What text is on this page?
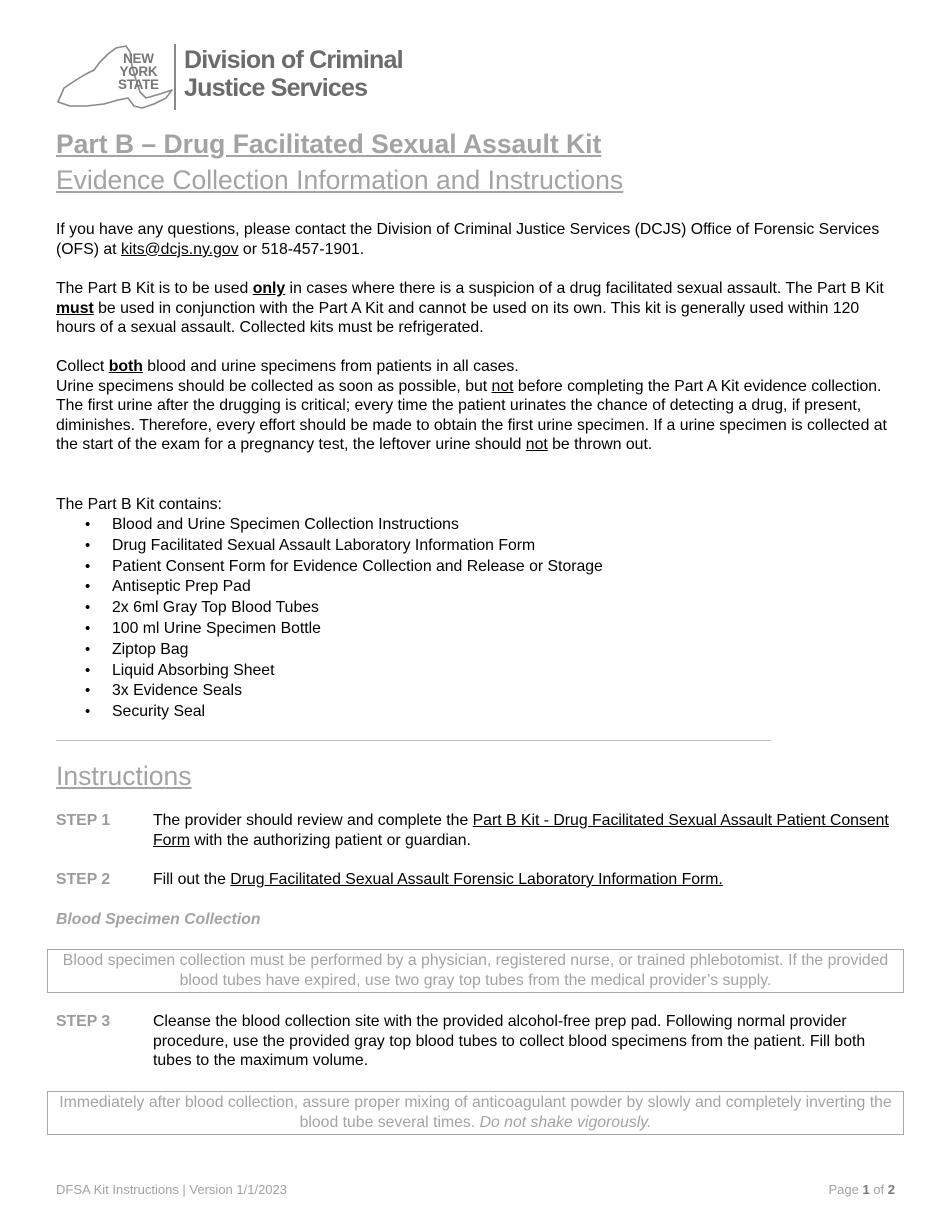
NEW
YORK
STATE
Division of Criminal
Justice Services
Part B – Drug Facilitated Sexual Assault Kit
Evidence Collection Information and Instructions
If you have any questions, please contact the Division of Criminal Justice Services (DCJS) Office of Forensic Services (OFS) at kits@dcjs.ny.gov or 518-457-1901.
The Part B Kit is to be used only in cases where there is a suspicion of a drug facilitated sexual assault. The Part B Kit must be used in conjunction with the Part A Kit and cannot be used on its own. This kit is generally used within 120 hours of a sexual assault. Collected kits must be refrigerated.
Collect both blood and urine specimens from patients in all cases.
Urine specimens should be collected as soon as possible, but not before completing the Part A Kit evidence collection. The first urine after the drugging is critical; every time the patient urinates the chance of detecting a drug, if present, diminishes. Therefore, every effort should be made to obtain the first urine specimen. If a urine specimen is collected at the start of the exam for a pregnancy test, the leftover urine should not be thrown out.
The Part B Kit contains:
• Blood and Urine Specimen Collection Instructions
• Drug Facilitated Sexual Assault Laboratory Information Form
• Patient Consent Form for Evidence Collection and Release or Storage
• Antiseptic Prep Pad
• 2x 6ml Gray Top Blood Tubes
• 100 ml Urine Specimen Bottle
• Ziptop Bag
• Liquid Absorbing Sheet
• 3x Evidence Seals
• Security Seal
Instructions
STEP 1	The provider should review and complete the Part B Kit - Drug Facilitated Sexual Assault Patient Consent Form with the authorizing patient or guardian.
STEP 2	Fill out the Drug Facilitated Sexual Assault Forensic Laboratory Information Form.
Blood Specimen Collection
Blood specimen collection must be performed by a physician, registered nurse, or trained phlebotomist. If the provided blood tubes have expired, use two gray top tubes from the medical provider’s supply.
STEP 3	Cleanse the blood collection site with the provided alcohol-free prep pad. Following normal provider procedure, use the provided gray top blood tubes to collect blood specimens from the patient. Fill both tubes to the maximum volume.
Immediately after blood collection, assure proper mixing of anticoagulant powder by slowly and completely inverting the blood tube several times. Do not shake vigorously.
DFSA Kit Instructions | Version 1/1/2023	Page 1 of 2
